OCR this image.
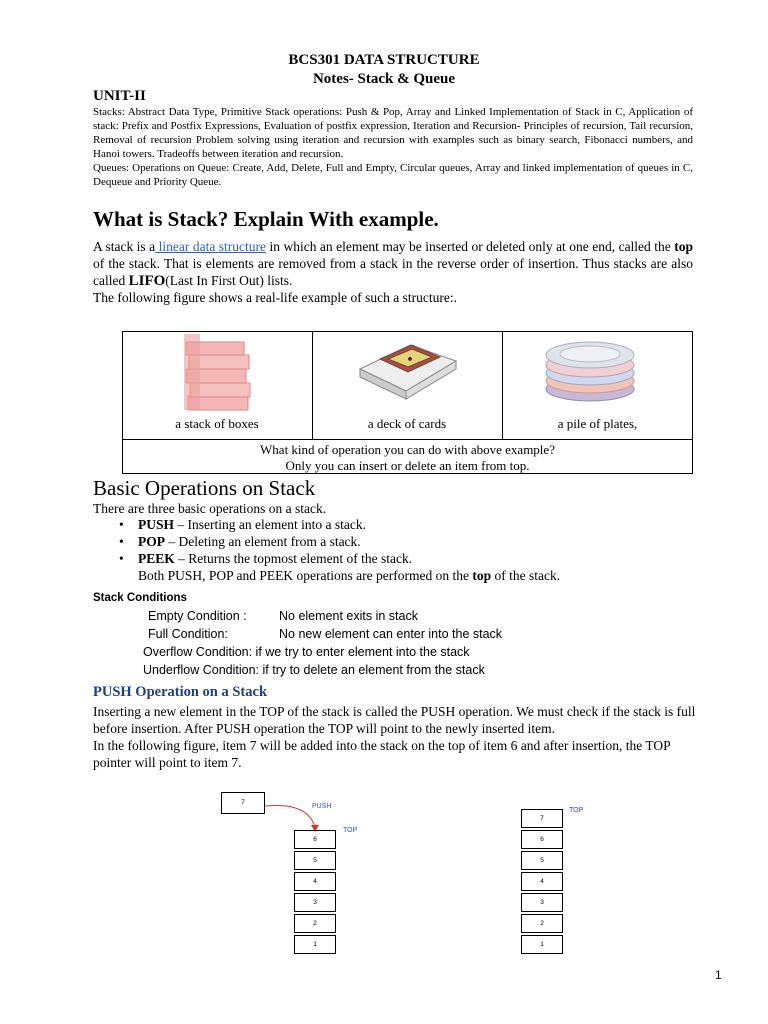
BCS301 DATA STRUCTURE
Notes- Stack & Queue
UNIT-II
Stacks: Abstract Data Type, Primitive Stack operations: Push & Pop, Array and Linked Implementation of Stack in C, Application of stack: Prefix and Postfix Expressions, Evaluation of postfix expression, Iteration and Recursion- Principles of recursion, Tail recursion, Removal of recursion Problem solving using iteration and recursion with examples such as binary search, Fibonacci numbers, and Hanoi towers. Tradeoffs between iteration and recursion.
Queues: Operations on Queue: Create, Add, Delete, Full and Empty, Circular queues, Array and linked implementation of queues in C, Dequeue and Priority Queue.
What is Stack? Explain With example.
A stack is a linear data structure in which an element may be inserted or deleted only at one end, called the top of the stack. That is elements are removed from a stack in the reverse order of insertion. Thus stacks are also called LIFO(Last In First Out) lists.
The following figure shows a real-life example of such a structure:.
♠
a stack of boxes	a deck of cards	a pile of plates,
What kind of operation you can do with above example?
Only you can insert or delete an item from top.
Basic Operations on Stack
There are three basic operations on a stack.
• PUSH – Inserting an element into a stack.
• POP – Deleting an element from a stack.
• PEEK – Returns the topmost element of the stack.
Both PUSH, POP and PEEK operations are performed on the top of the stack.
Stack Conditions
Empty Condition :	No element exits in stack
Full Condition:	No new element can enter into the stack
Overflow Condition: if we try to enter element into the stack
Underflow Condition: if try to delete an element from the stack
PUSH Operation on a Stack
Inserting a new element in the TOP of the stack is called the PUSH operation. We must check if the stack is full before insertion. After PUSH operation the TOP will point to the newly inserted item.
In the following figure, item 7 will be added into the stack on the top of item 6 and after insertion, the TOP pointer will point to item 7.
7
PUSH
TOP
6
5
4
3
2
1
TOP
7
6
5
4
3
2
1
1
